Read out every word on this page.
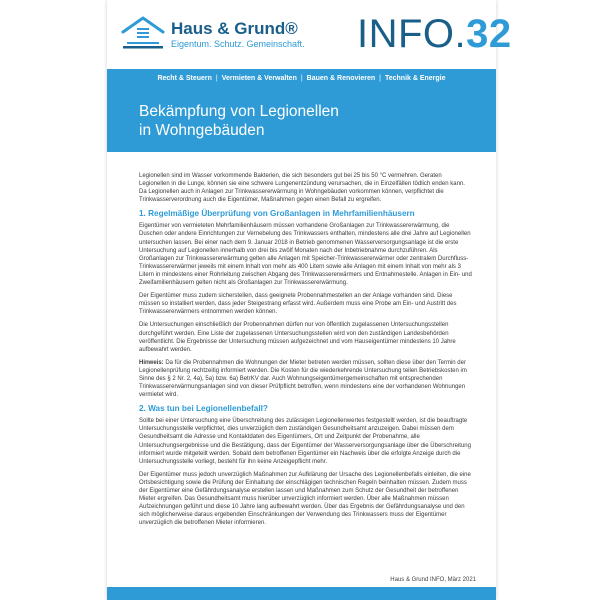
Haus & Grund®
Eigentum. Schutz. Gemeinschaft. INFO.32
Recht & Steuern | Vermieten & Verwalten | Bauen & Renovieren | Technik & Energie
Bekämpfung von Legionellen
in Wohngebäuden

Legionellen sind im Wasser vorkommende Bakterien, die sich besonders gut bei 25 bis 50 °C vermehren. Geraten Legionellen in die Lunge, können sie eine schwere Lungenentzündung verursachen, die in Einzelfällen tödlich enden kann. Da Legionellen auch in Anlagen zur Trinkwassererwärmung in Wohngebäuden vorkommen können, verpflichtet die Trinkwasserverordnung auch die Eigentümer, Maßnahmen gegen einen Befall zu ergreifen.

1. Regelmäßige Überprüfung von Großanlagen in Mehrfamilienhäusern

Eigentümer von vermieteten Mehrfamilienhäusern müssen vorhandene Großanlagen zur Trinkwassererwärmung, die Duschen oder andere Einrichtungen zur Vernebelung des Trinkwassers enthalten, mindestens alle drei Jahre auf Legionellen untersuchen lassen. Bei einer nach dem 9. Januar 2018 in Betrieb genommenen Wasserversorgungsanlage ist die erste Untersuchung auf Legionellen innerhalb von drei bis zwölf Monaten nach der Inbetriebnahme durchzuführen. Als Großanlagen zur Trinkwassererwärmung gelten alle Anlagen mit Speicher-Trinkwassererwärmer oder zentralem Durchfluss-Trinkwassererwärmer jeweils mit einem Inhalt von mehr als 400 Litern sowie alle Anlagen mit einem Inhalt von mehr als 3 Litern in mindestens einer Rohrleitung zwischen Abgang des Trinkwassererwärmers und Entnahmestelle. Anlagen in Ein- und Zweifamilienhäusern gelten nicht als Großanlagen zur Trinkwassererwärmung.

Der Eigentümer muss zudem sicherstellen, dass geeignete Probennahmestellen an der Anlage vorhanden sind. Diese müssen so installiert werden, dass jeder Steigestrang erfasst wird. Außerdem muss eine Probe am Ein- und Austritt des Trinkwassererwärmers entnommen werden können.

Die Untersuchungen einschließlich der Probennahmen dürfen nur von öffentlich zugelassenen Untersuchungsstellen durchgeführt werden. Eine Liste der zugelassenen Untersuchungsstellen wird von den zuständigen Landesbehörden veröffentlicht. Die Ergebnisse der Untersuchung müssen aufgezeichnet und vom Hauseigentümer mindestens 10 Jahre aufbewahrt werden.

Hinweis: Da für die Probennahmen die Wohnungen der Mieter betreten werden müssen, sollten diese über den Termin der Legionellenprüfung rechtzeitig informiert werden. Die Kosten für die wiederkehrende Untersuchung teilen Betriebskosten im Sinne des § 2 Nr. 2, 4a), 5a) bzw. 6a) BetrKV dar. Auch Wohnungseigentümergemeinschaften mit entsprechenden Trinkwassererwärmungsanlagen sind von dieser Prüfpflicht betroffen, wenn mindestens eine der vorhandenen Wohnungen vermietet wird.

2. Was tun bei Legionellenbefall?

Sollte bei einer Untersuchung eine Überschreitung des zulässigen Legionellenwertes festgestellt werden, ist die beauftragte Untersuchungsstelle verpflichtet, dies unverzüglich dem zuständigen Gesundheitsamt anzuzeigen. Dabei müssen dem Gesundheitsamt die Adresse und Kontaktdaten des Eigentümers, Ort und Zeitpunkt der Probenahme, alle Untersuchungsergebnisse und die Bestätigung, dass der Eigentümer der Wasserversorgungsanlage über die Überschreitung informiert wurde mitgeteilt werden. Sobald dem betroffenen Eigentümer ein Nachweis über die erfolgte Anzeige durch die Untersuchungsstelle vorliegt, besteht für ihn keine Anzeigepflicht mehr.

Der Eigentümer muss jedoch unverzüglich Maßnahmen zur Aufklärung der Ursache des Legionellenbefalls einleiten, die eine Ortsbesichtigung sowie die Prüfung der Einhaltung der einschlägigen technischen Regeln beinhalten müssen. Zudem muss der Eigentümer eine Gefährdungsanalyse erstellen lassen und Maßnahmen zum Schutz der Gesundheit der betroffenen Mieter ergreifen. Das Gesundheitsamt muss hierüber unverzüglich informiert werden. Über alle Maßnahmen müssen Aufzeichnungen geführt und diese 10 Jahre lang aufbewahrt werden. Über das Ergebnis der Gefährdungsanalyse und den sich möglicherweise daraus ergebenden Einschränkungen der Verwendung des Trinkwassers muss der Eigentümer unverzüglich die betroffenen Mieter informieren.

Haus & Grund INFO, März 2021
